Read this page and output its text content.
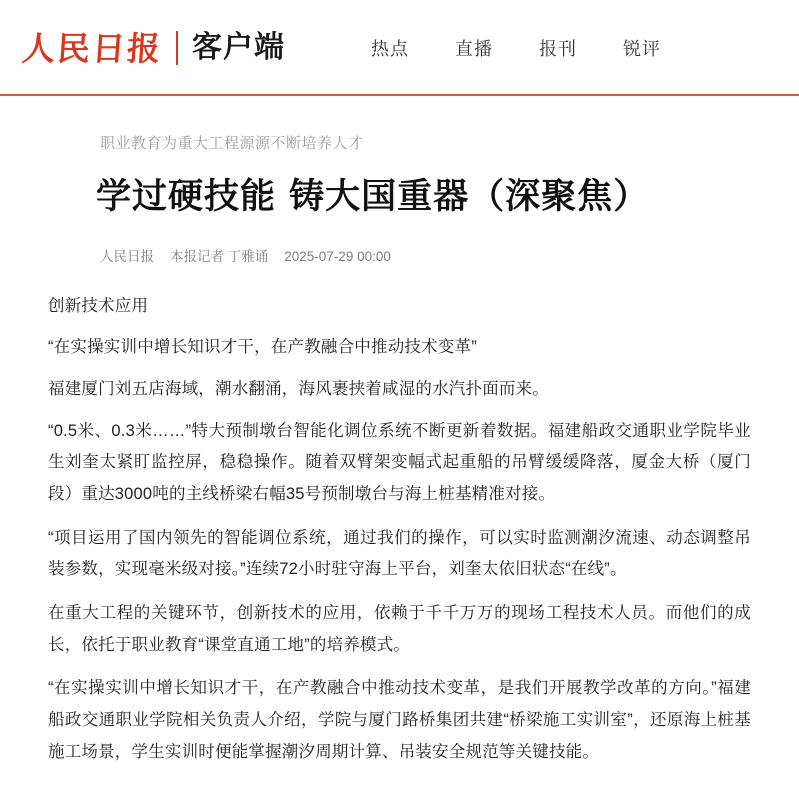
人民日报 客户端	热点	直播	报刊	锐评
职业教育为重大工程源源不断培养人才
学过硬技能 铸大国重器（深聚焦）
人民日报 本报记者 丁雅诵 2025-07-29 00:00

创新技术应用

“在实操实训中增长知识才干，在产教融合中推动技术变革”

福建厦门刘五店海域，潮水翻涌，海风裹挟着咸湿的水汽扑面而来。

“0.5米、0.3米……”特大预制墩台智能化调位系统不断更新着数据。福建船政交通职业学院毕业生刘奎太紧盯监控屏，稳稳操作。随着双臂架变幅式起重船的吊臂缓缓降落，厦金大桥（厦门段）重达3000吨的主线桥梁右幅35号预制墩台与海上桩基精准对接。

“项目运用了国内领先的智能调位系统，通过我们的操作，可以实时监测潮汐流速、动态调整吊装参数，实现毫米级对接。”连续72小时驻守海上平台，刘奎太依旧状态“在线”。

在重大工程的关键环节，创新技术的应用，依赖于千千万万的现场工程技术人员。而他们的成长，依托于职业教育“课堂直通工地”的培养模式。

“在实操实训中增长知识才干，在产教融合中推动技术变革，是我们开展教学改革的方向。”福建船政交通职业学院相关负责人介绍，学院与厦门路桥集团共建“桥梁施工实训室”，还原海上桩基施工场景，学生实训时便能掌握潮汐周期计算、吊装安全规范等关键技能。
